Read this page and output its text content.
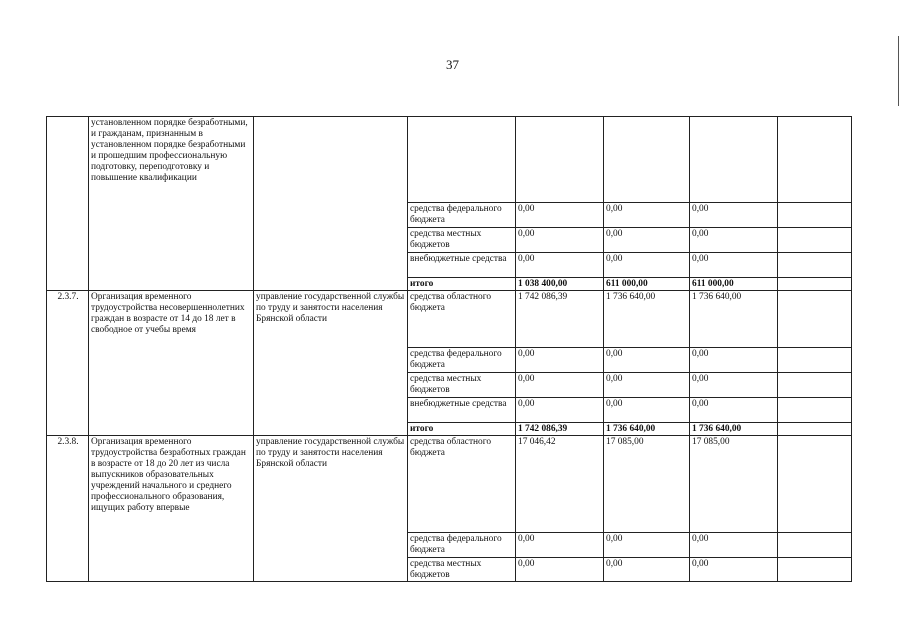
37
	установленном порядке безработными, и гражданам, признанным в установленном порядке безработными и прошедшим профессиональную подготовку, переподготовку и повышение квалификации						
			средства федерального бюджета	0,00	0,00	0,00	
			средства местных бюджетов	0,00	0,00	0,00	
			внебюджетные средства	0,00	0,00	0,00	
			итого	1 038 400,00	611 000,00	611 000,00	
2.3.7.	Организация временного трудоустройства несовершеннолетних граждан в возрасте от 14 до 18 лет в свободное от учебы время	управление государственной службы по труду и занятости населения Брянской области	средства областного бюджета	1 742 086,39	1 736 640,00	1 736 640,00	
			средства федерального бюджета	0,00	0,00	0,00	
			средства местных бюджетов	0,00	0,00	0,00	
			внебюджетные средства	0,00	0,00	0,00	
			итого	1 742 086,39	1 736 640,00	1 736 640,00	
2.3.8.	Организация временного трудоустройства безработных граждан в возрасте от 18 до 20 лет из числа выпускников образовательных учреждений начального и среднего профессионального образования, ищущих работу впервые	управление государственной службы по труду и занятости населения Брянской области	средства областного бюджета	17 046,42	17 085,00	17 085,00	
			средства федерального бюджета	0,00	0,00	0,00	
			средства местных бюджетов	0,00	0,00	0,00	
